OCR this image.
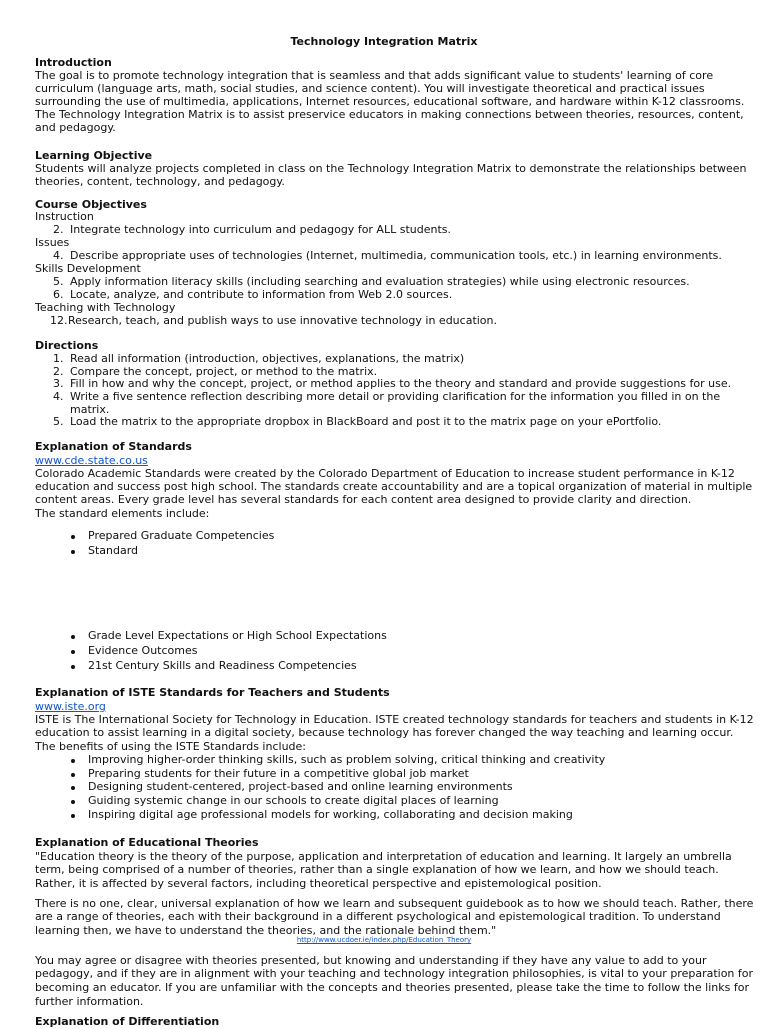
Technology Integration Matrix
Introduction
The goal is to promote technology integration that is seamless and that adds significant value to students' learning of core
curriculum (language arts, math, social studies, and science content). You will investigate theoretical and practical issues
surrounding the use of multimedia, applications, Internet resources, educational software, and hardware within K-12 classrooms.
The Technology Integration Matrix is to assist preservice educators in making connections between theories, resources, content,
and pedagogy.
Learning Objective
Students will analyze projects completed in class on the Technology Integration Matrix to demonstrate the relationships between
theories, content, technology, and pedagogy.
Course Objectives
Instruction
2. Integrate technology into curriculum and pedagogy for ALL students.
Issues
4. Describe appropriate uses of technologies (Internet, multimedia, communication tools, etc.) in learning environments.
Skills Development
5. Apply information literacy skills (including searching and evaluation strategies) while using electronic resources.
6. Locate, analyze, and contribute to information from Web 2.0 sources.
Teaching with Technology
12. Research, teach, and publish ways to use innovative technology in education.
Directions
1. Read all information (introduction, objectives, explanations, the matrix)
2. Compare the concept, project, or method to the matrix.
3. Fill in how and why the concept, project, or method applies to the theory and standard and provide suggestions for use.
4. Write a five sentence reflection describing more detail or providing clarification for the information you filled in on the
matrix.
5. Load the matrix to the appropriate dropbox in BlackBoard and post it to the matrix page on your ePortfolio.
Explanation of Standards
www.cde.state.co.us
Colorado Academic Standards were created by the Colorado Department of Education to increase student performance in K-12
education and success post high school. The standards create accountability and are a topical organization of material in multiple
content areas. Every grade level has several standards for each content area designed to provide clarity and direction.
The standard elements include:
Prepared Graduate Competencies
Standard
Grade Level Expectations or High School Expectations
Evidence Outcomes
21st Century Skills and Readiness Competencies
Explanation of ISTE Standards for Teachers and Students
www.iste.org
ISTE is The International Society for Technology in Education. ISTE created technology standards for teachers and students in K-12
education to assist learning in a digital society, because technology has forever changed the way teaching and learning occur.
The benefits of using the ISTE Standards include:
Improving higher-order thinking skills, such as problem solving, critical thinking and creativity
Preparing students for their future in a competitive global job market
Designing student-centered, project-based and online learning environments
Guiding systemic change in our schools to create digital places of learning
Inspiring digital age professional models for working, collaborating and decision making
Explanation of Educational Theories
"Education theory is the theory of the purpose, application and interpretation of education and learning. It largely an umbrella
term, being comprised of a number of theories, rather than a single explanation of how we learn, and how we should teach.
Rather, it is affected by several factors, including theoretical perspective and epistemological position.
There is no one, clear, universal explanation of how we learn and subsequent guidebook as to how we should teach. Rather, there
are a range of theories, each with their background in a different psychological and epistemological tradition. To understand
learning then, we have to understand the theories, and the rationale behind them."
http://www.ucdoer.ie/index.php/Education_Theory
You may agree or disagree with theories presented, but knowing and understanding if they have any value to add to your
pedagogy, and if they are in alignment with your teaching and technology integration philosophies, is vital to your preparation for
becoming an educator. If you are unfamiliar with the concepts and theories presented, please take the time to follow the links for
further information.
Explanation of Differentiation
